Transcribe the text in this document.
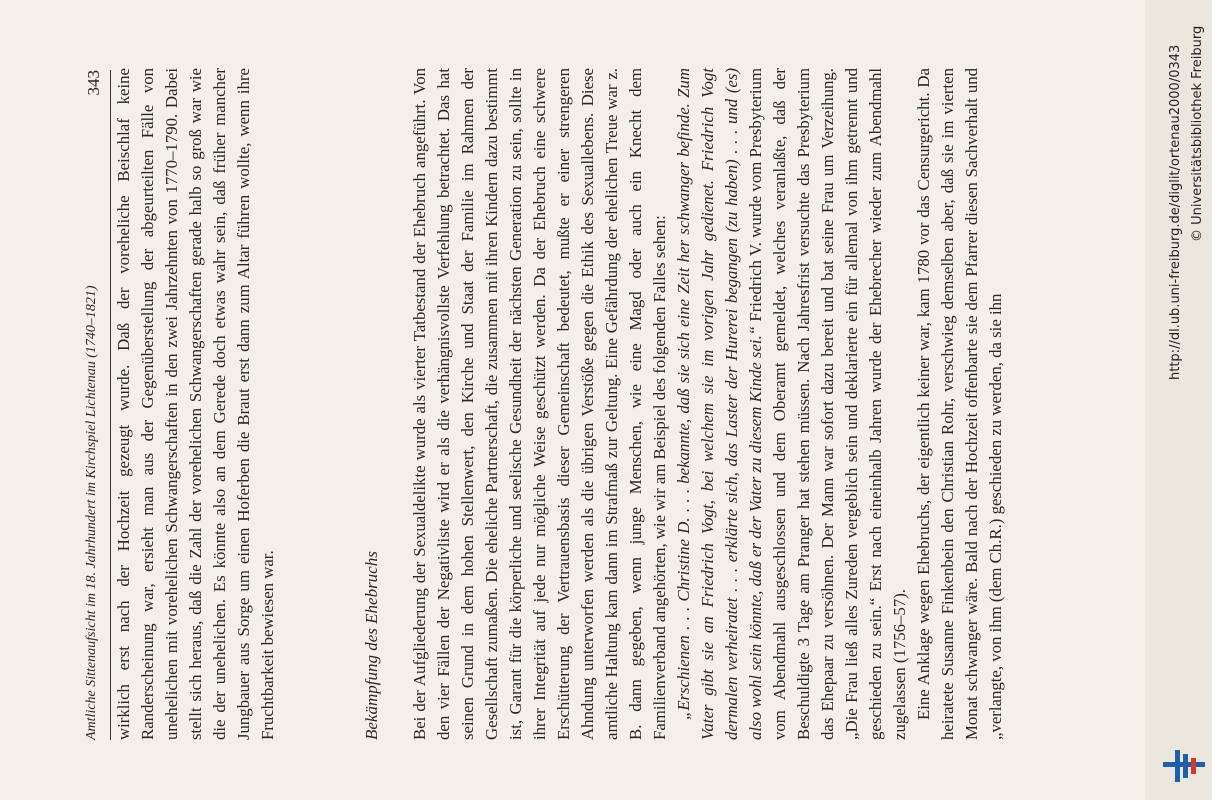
Amtliche Sittenaufsicht im 18. Jahrhundert im Kirchspiel Lichtenau (1740–1821)
343 wirklich erst nach der Hochzeit gezeugt wurde. Daß der voreheliche Beischlaf keine Randerscheinung war, ersieht man aus der Gegenüberstellung der abgeurteilten Fälle von unehelichen mit vorehelichen Schwangerschaften in den zwei Jahrzehnten von 1770–1790. Dabei stellt sich heraus, daß die Zahl der vorehelichen Schwangerschaften gerade halb so groß war wie die der unehelichen. Es könnte also an dem Gerede doch etwas wahr sein, daß früher mancher Jungbauer aus Sorge um einen Hoferben die Braut erst dann zum Altar führen wollte, wenn ihre Fruchtbarkeit bewiesen war.	Bekämpfung des Ehebruchs Bei der Aufgliederung der Sexualdelikte wurde als vierter Tatbestand der Ehebruch angeführt. Von den vier Fällen der Negativliste wird er als die verhängnisvollste Verfehlung betrachtet. Das hat seinen Grund in dem hohen Stellenwert, den Kirche und Staat der Familie im Rahmen der Gesellschaft zumaßen. Die eheliche Partnerschaft, die zusammen mit ihren Kindern dazu bestimmt ist, Garant für die körperliche und seelische Gesundheit der nächsten Generation zu sein, sollte in ihrer Integrität auf jede nur mögliche Weise geschützt werden. Da der Ehebruch eine schwere Erschütterung der Vertrauensbasis dieser Gemeinschaft bedeutet, mußte er einer strengeren Ahndung unterworfen werden als die übrigen Verstöße gegen die Ethik des Sexuallebens. Diese amtliche Haltung kam dann im Strafmaß zur Geltung. Eine Gefährdung der ehelichen Treue war z. B. dann gegeben, wenn junge Menschen, wie eine Magd oder auch ein Knecht dem Familienverband angehörten, wie wir am Beispiel des folgenden Falles sehen: „Erschienen . . . Christine D. . . . bekannte, daß sie sich eine Zeit her schwanger befinde. Zum Vater gibt sie an Friedrich Vogt, bei welchem sie im vorigen Jahr gedienet. Friedrich Vogt dermalen verheiratet . . . erklärte sich, das Laster der Hurerei begangen (zu haben) . . . und (es) also wohl sein könnte, daß er der Vater zu diesem Kinde sei.“ Friedrich V. wurde vom Presbyterium vom Abendmahl ausgeschlossen und dem Oberamt gemeldet, welches veranlaßte, daß der Beschuldigte 3 Tage am Pranger hat stehen müssen. Nach Jahresfrist versuchte das Presbyterium das Ehepaar zu versöhnen. Der Mann war sofort dazu bereit und bat seine Frau um Verzeihung. „Die Frau ließ alles Zureden vergeblich sein und deklarierte ein für allemal von ihm getrennt und geschieden zu sein.“ Erst nach eineinhalb Jahren wurde der Ehebrecher wieder zum Abendmahl zugelassen (1756–57). Eine Anklage wegen Ehebruchs, der eigentlich keiner war, kam 1780 vor das Censurgericht. Da heiratete Susanne Finkenbein den Christian Rohr, verschwieg demselben aber, daß sie im vierten Monat schwanger wäre. Bald nach der Hochzeit offenbarte sie dem Pfarrer diesen Sachverhalt und „verlangte, von ihm (dem Ch.R.) geschieden zu werden, da sie ihn

http://dl.ub.uni-freiburg.de/diglit/ortenau2000/0343 © Universitätsbibliothek Freiburg
